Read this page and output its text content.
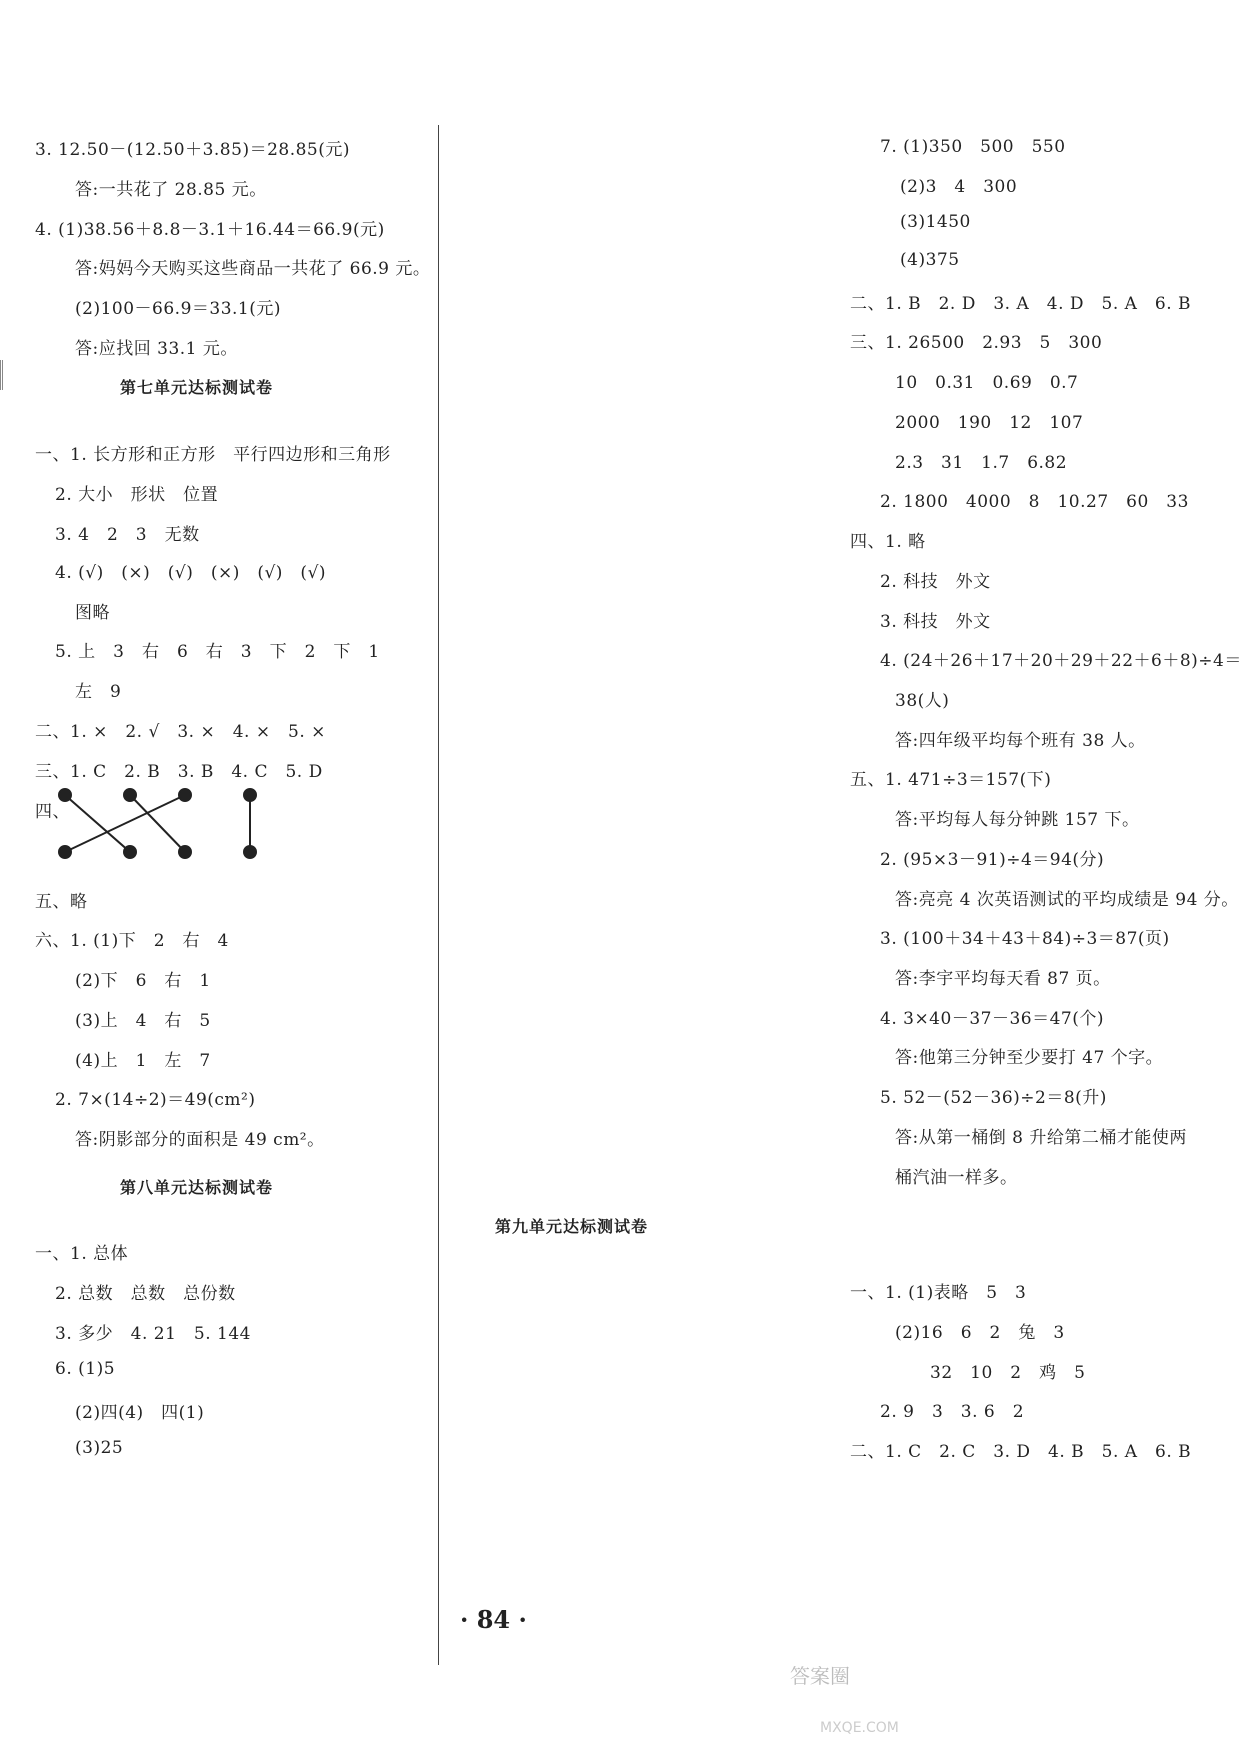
3. 12.50－(12.50＋3.85)＝28.85(元)
答:一共花了 28.85 元。
4. (1)38.56＋8.8－3.1＋16.44＝66.9(元)
答:妈妈今天购买这些商品一共花了 66.9 元。
(2)100－66.9＝33.1(元)
答:应找回 33.1 元。
一、1. 长方形和正方形　平行四边形和三角形
2. 大小　形状　位置
3. 4　2　3　无数
4. (√)　(×)　(√)　(×)　(√)　(√)
图略
5. 上　3　右　6　右　3　下　2　下　1
左　9
二、1. ×　2. √　3. ×　4. ×　5. ×
三、1. C　2. B　3. B　4. C　5. D
四、
五、略
六、1. (1)下　2　右　4
(2)下　6　右　1
(3)上　4　右　5
(4)上　1　左　7
2. 7×(14÷2)＝49(cm²)
答:阴影部分的面积是 49 cm²。
一、1. 总体
2. 总数　总数　总份数
3. 多少　4. 21　5. 144
6. (1)5
(2)四(4)　四(1)
(3)25
7. (1)350　500　550
(2)3　4　300
(3)1450
(4)375
二、1. B　2. D　3. A　4. D　5. A　6. B
三、1. 26500　2.93　5　300
10　0.31　0.69　0.7
2000　190　12　107
2.3　31　1.7　6.82
2. 1800　4000　8　10.27　60　33
四、1. 略
2. 科技　外文
3. 科技　外文
4. (24＋26＋17＋20＋29＋22＋6＋8)÷4＝
38(人)
答:四年级平均每个班有 38 人。
五、1. 471÷3＝157(下)
答:平均每人每分钟跳 157 下。
2. (95×3－91)÷4＝94(分)
答:亮亮 4 次英语测试的平均成绩是 94 分。
3. (100＋34＋43＋84)÷3＝87(页)
答:李宇平均每天看 87 页。
4. 3×40－37－36＝47(个)
答:他第三分钟至少要打 47 个字。
5. 52－(52－36)÷2＝8(升)
答:从第一桶倒 8 升给第二桶才能使两
桶汽油一样多。
一、1. (1)表略　5　3
(2)16　6　2　兔　3
32　10　2　鸡　5
2. 9　3　3. 6　2
二、1. C　2. C　3. D　4. B　5. A　6. B
第七单元达标测试卷
第八单元达标测试卷
第九单元达标测试卷
· 84 ·
答案圈
MXQE.COM
